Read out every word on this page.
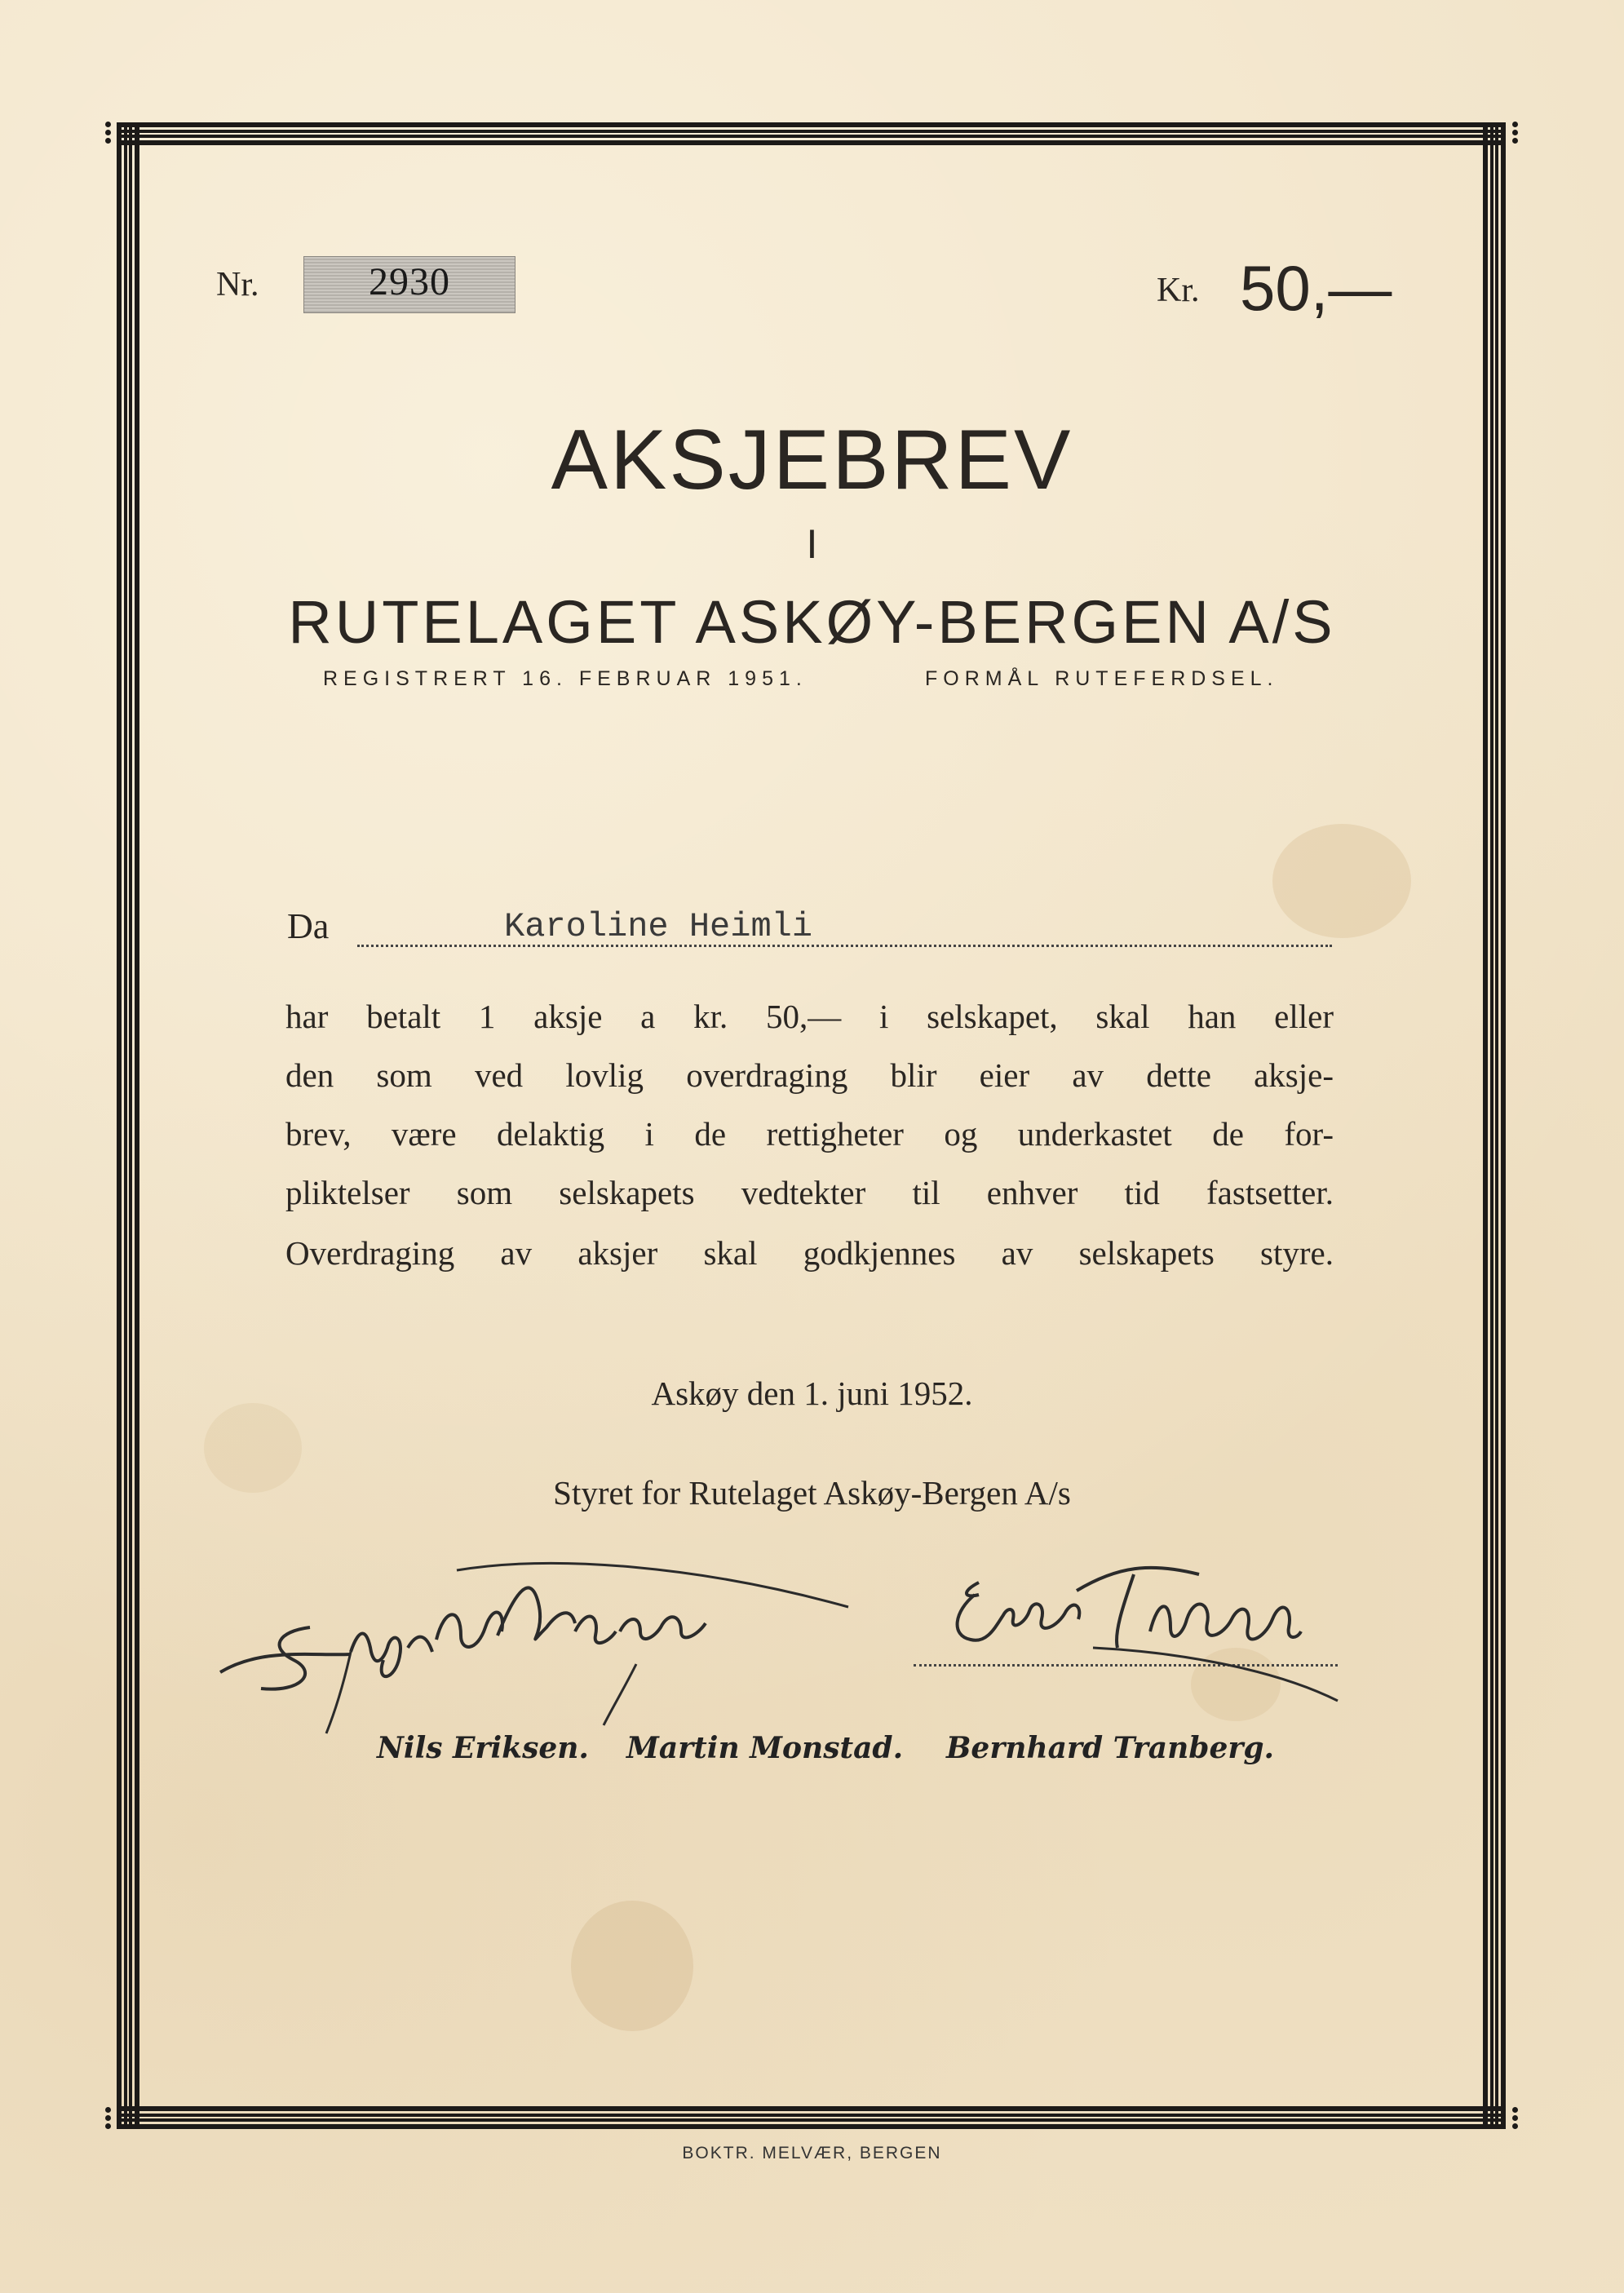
Nr.	2930	Kr. 50,—
AKSJEBREV
I
RUTELAGET ASKØY-BERGEN A/S
REGISTRERT 16. FEBRUAR 1951.	FORMÅL RUTEFERDSEL.
Da	Karoline Heimli
har betalt 1 aksje a kr. 50,— i selskapet, skal han eller
den som ved lovlig overdraging blir eier av dette aksje-
brev, være delaktig i de rettigheter og underkastet de for-
pliktelser som selskapets vedtekter til enhver tid fastsetter.
Overdraging av aksjer skal godkjennes av selskapets styre.
Askøy den 1. juni 1952.
Styret for Rutelaget Askøy-Bergen A/s
Nils Eriksen. Martin Monstad. Bernhard Tranberg.
BOKTR. MELVÆR, BERGEN
